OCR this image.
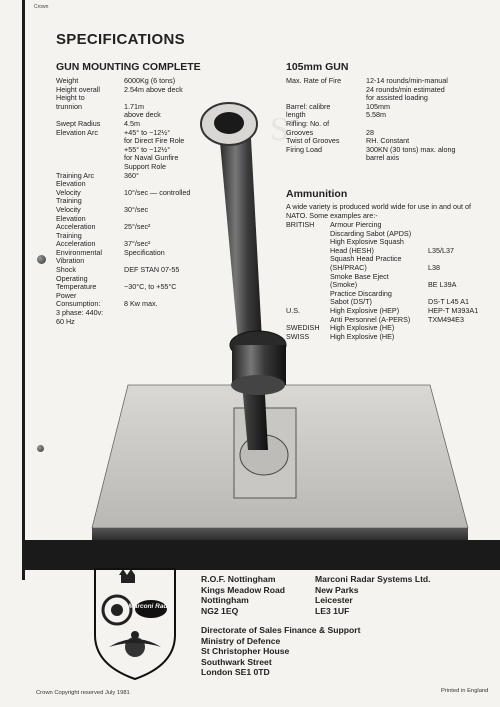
Crown
SPECIFICATIONS
S
GUN MOUNTING COMPLETE
Weight	6000Kg (6 tons)
Height overall	2.54m above deck
Height to
trunnion	1.71m
above deck
Swept Radius	4.5m
Elevation Arc	+45° to −12½°
for Direct Fire Role
+55° to −12½°
for Naval Gunfire
Support Role
Training Arc	360°
Elevation
Velocity	10°/sec — controlled
Training
Velocity	30°/sec
Elevation
Acceleration	25°/sec²
Training
Acceleration	37°/sec²
Environmental	Specification
Vibration
Shock	DEF STAN 07-55
Operating
Temperature	−30°C, to +55°C
Power
Consumption:	8 Kw max.
3 phase: 440v:
60 Hz
105mm GUN
Max. Rate of Fire	12-14 rounds/min-manual
24 rounds/min estimated
for assisted loading
Barrel: calibre	105mm
length	5.58m
Rifling: No. of
Grooves	28
Twist of Grooves	RH. Constant
Firing Load	300KN (30 tons) max. along
barrel axis
Ammunition
A wide variety is produced world wide for use in and out of NATO. Some examples are:-
BRITISH Armour Piercing
Discarding Sabot (APDS)
High Explosive Squash
Head (HESH)	L35/L37
Squash Head Practice
(SH/PRAC)	L38
Smoke Base Eject
(Smoke)	BE L39A
Practice Discarding
Sabot (DS/T)	DS-T L45 A1
U.S.	High Explosive (HEP)	HEP-T M393A1
Anti Personnel (A-PERS) TXM494E3
SWEDISH High Explosive (HE)
SWISS	High Explosive (HE)
Marconi Radar
R.O.F. Nottingham
Kings Meadow Road
Nottingham
NG2 1EQ
Marconi Radar Systems Ltd.
New Parks
Leicester
LE3 1UF
Directorate of Sales Finance & Support
Ministry of Defence
St Christopher House
Southwark Street
London SE1 0TD
Crown Copyright reserved July 1981	Printed in England
